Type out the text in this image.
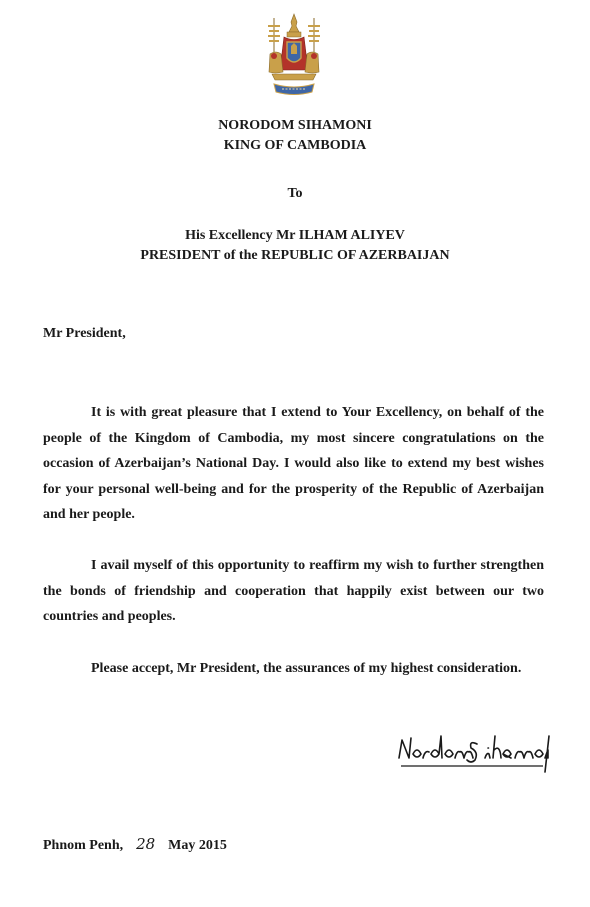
NORODOM SIHAMONI
KING OF CAMBODIA
To
His Excellency Mr ILHAM ALIYEV
PRESIDENT of the REPUBLIC OF AZERBAIJAN
Mr President,
It is with great pleasure that I extend to Your Excellency, on behalf of the people of the Kingdom of Cambodia, my most sincere congratulations on the occasion of Azerbaijan’s National Day. I would also like to extend my best wishes for your personal well-being and for the prosperity of the Republic of Azerbaijan and her people.
I avail myself of this opportunity to reaffirm my wish to further strengthen the bonds of friendship and cooperation that happily exist between our two countries and peoples.
Please accept, Mr President, the assurances of my highest consideration.
Phnom Penh, 28 May 2015
